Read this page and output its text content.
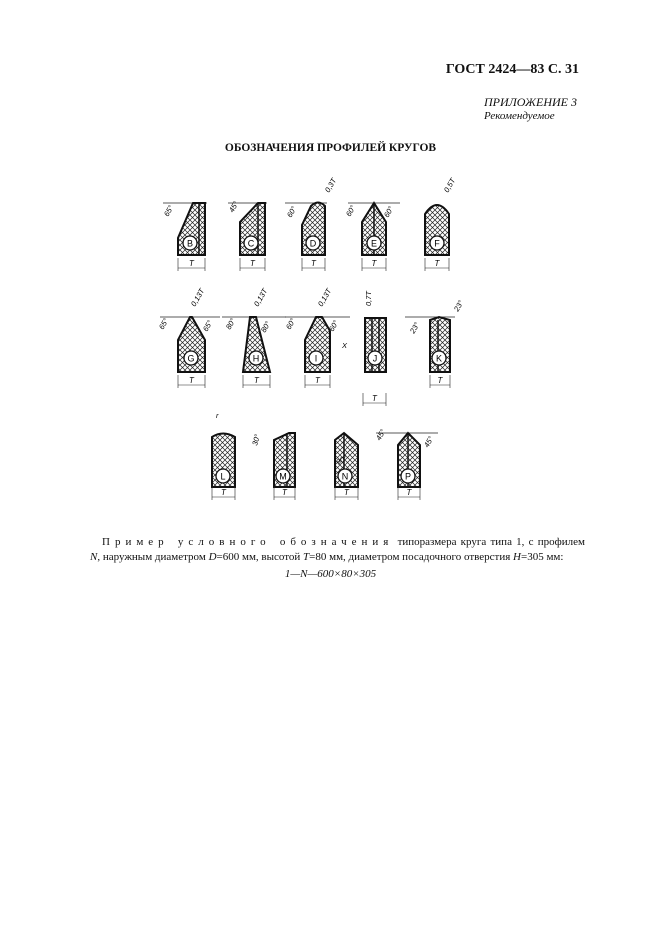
ГОСТ 2424—83 С. 31

ПРИЛОЖЕНИЕ 3

Рекомендуемое

ОБОЗНАЧЕНИЯ ПРОФИЛЕЙ КРУГОВ

B
T
65°
C
T
45°
D
T
60°
0,3T
E
T
60°	60°
F
T
0,5T
G
T
65°	65°
0,13T
H
T
80°	80°
0,13T
I
T
60°	60°
0,13T
X
J
T
0,7T
K
T
23°
23°
L
T
r
M
T
30°
N
T
90°
P
T
45°	45°
Пример условного обозначения типоразмера круга типа 1, с профилем N, наружным диаметром D=600 мм, высотой T=80 мм, диаметром посадочного отверстия H=305 мм:

1—N—600×80×305
